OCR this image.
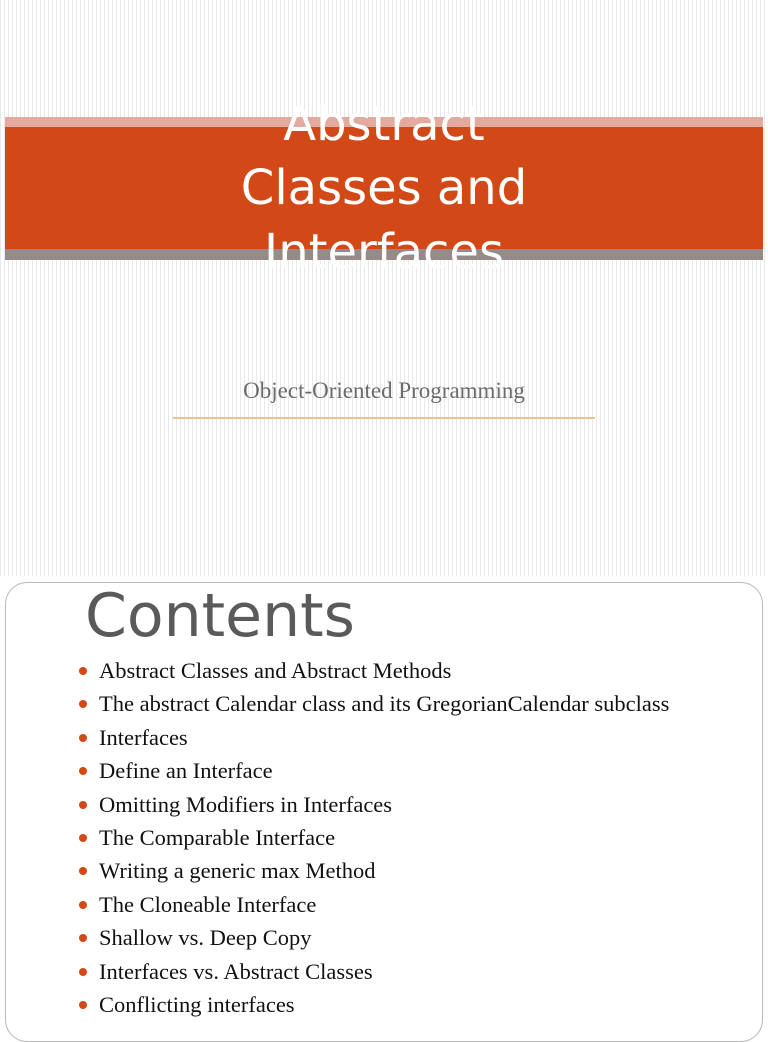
Abstract Classes and
Interfaces
Object-Oriented Programming
Contents
Abstract Classes and Abstract Methods
The abstract Calendar class and its GregorianCalendar subclass
Interfaces
Define an Interface
Omitting Modifiers in Interfaces
The Comparable Interface
Writing a generic max Method
The Cloneable Interface
Shallow vs. Deep Copy
Interfaces vs. Abstract Classes
Conflicting interfaces
